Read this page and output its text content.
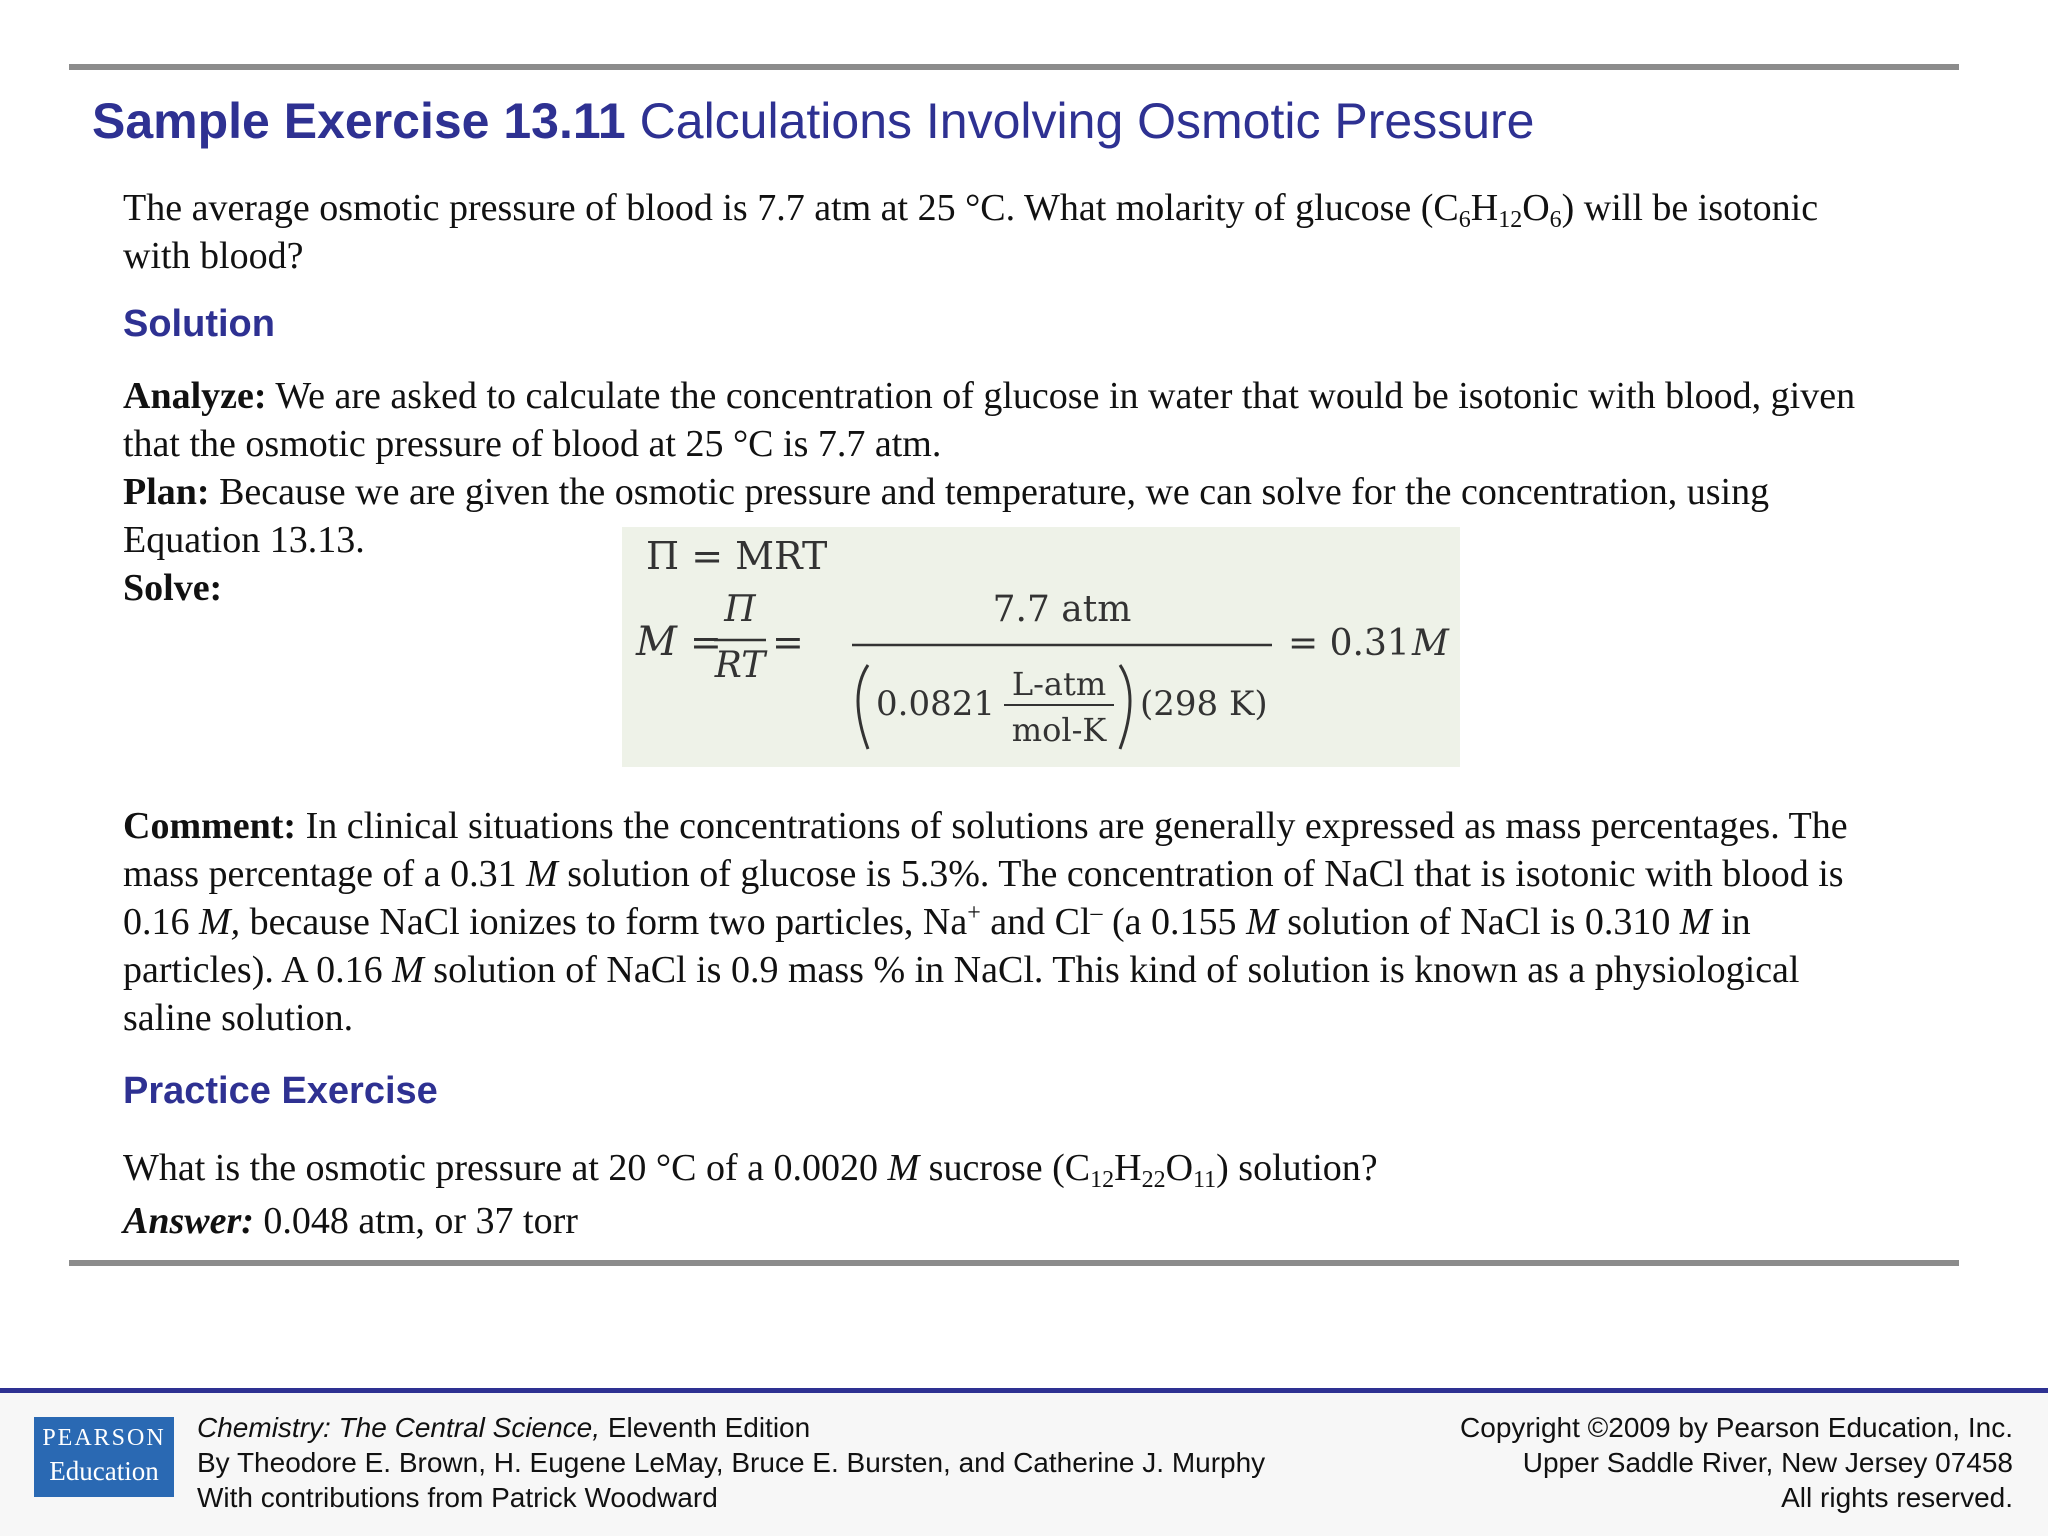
Sample Exercise 13.11 Calculations Involving Osmotic Pressure
The average osmotic pressure of blood is 7.7 atm at 25 °C. What molarity of glucose $(C_6H_{12}O_6)$ will be isotonic with blood?
Solution
Analyze: We are asked to calculate the concentration of glucose in water that would be isotonic with blood, given that the osmotic pressure of blood at 25 °C is 7.7 atm.
Plan: Because we are given the osmotic pressure and temperature, we can solve for the concentration, using Equation 13.13.
Solve:
Π = MRT
M =
Π
RT
=
7.7 atm
0.0821 L-atm
mol-K
(298 K)
= 0.31 M
Comment: In clinical situations the concentrations of solutions are generally expressed as mass percentages. The mass percentage of a 0.31 M solution of glucose is 5.3%. The concentration of NaCl that is isotonic with blood is 0.16 M, because NaCl ionizes to form two particles, Na+ and Cl– (a 0.155 M solution of NaCl is 0.310 M in particles). A 0.16 M solution of NaCl is 0.9 mass % in NaCl. This kind of solution is known as a physiological saline solution.
Practice Exercise
What is the osmotic pressure at 20 °C of a 0.0020 M sucrose $(C_{12}H_{22}O_{11})$ solution?
Answer: 0.048 atm, or 37 torr
PEARSON
Education
Chemistry: The Central Science, Eleventh Edition
By Theodore E. Brown, H. Eugene LeMay, Bruce E. Bursten, and Catherine J. Murphy
With contributions from Patrick Woodward
Copyright ©2009 by Pearson Education, Inc.
Upper Saddle River, New Jersey 07458
All rights reserved.
